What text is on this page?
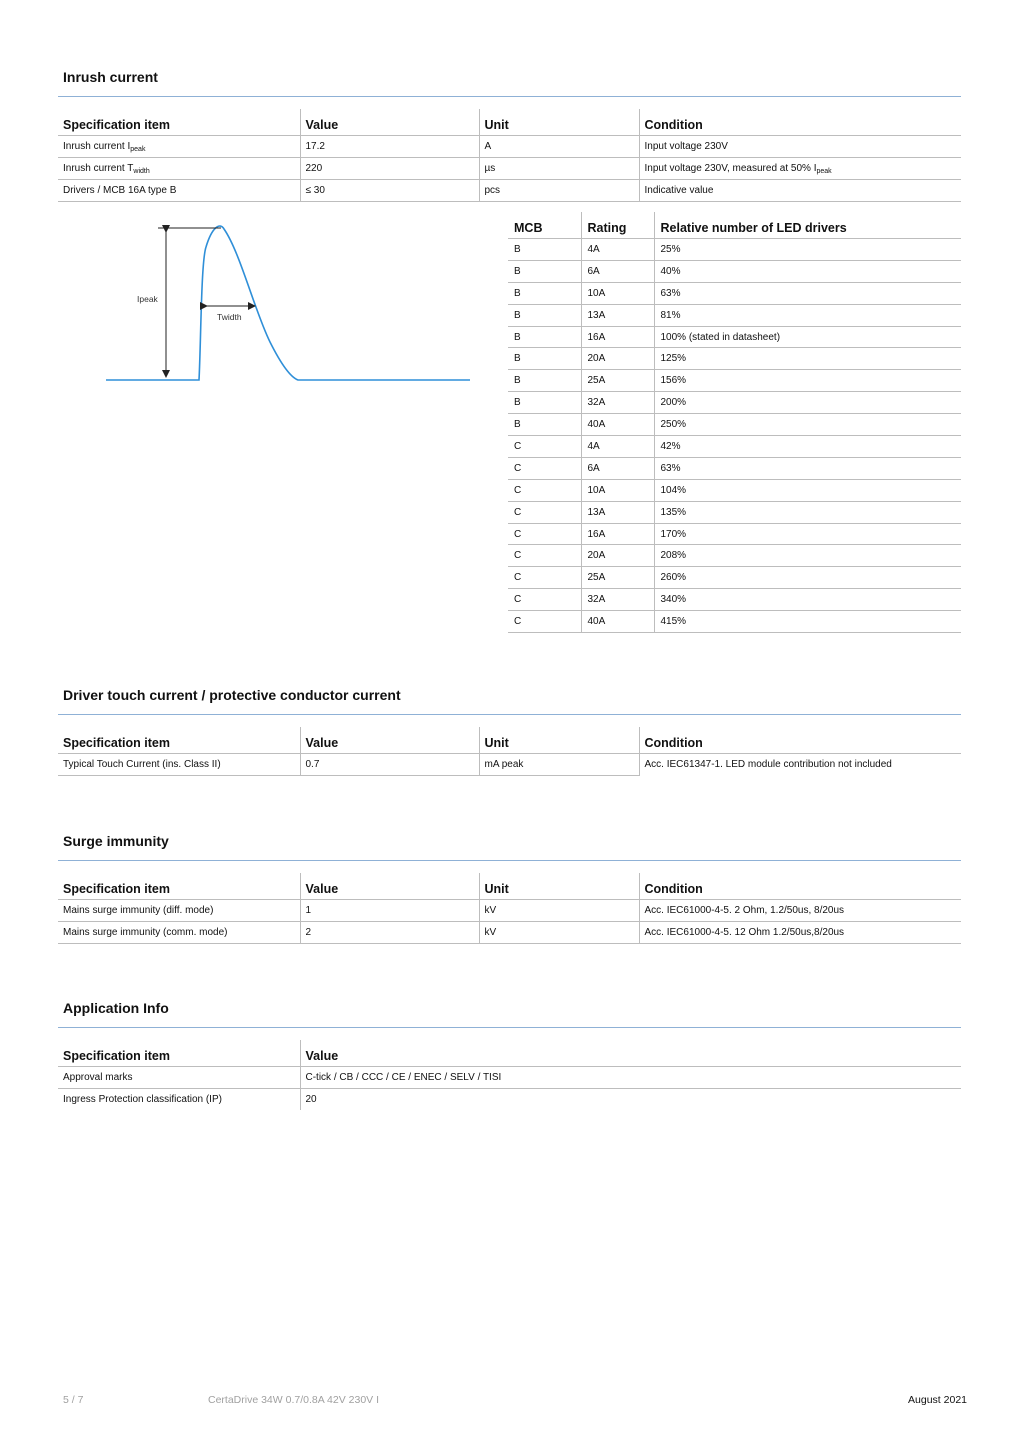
Inrush current
Specification item	Value	Unit	Condition
Inrush current $I_{peak}$	17.2	A	Input voltage 230V
Inrush current $T_{width}$	220	µs	Input voltage 230V, measured at 50% $I_{peak}$
Drivers / MCB 16A type B	≤ 30	pcs	Indicative value
Ipeak
Twidth
MCB	Rating	Relative number of LED drivers
B	4A	25%
B	6A	40%
B	10A	63%
B	13A	81%
B	16A	100% (stated in datasheet)
B	20A	125%
B	25A	156%
B	32A	200%
B	40A	250%
C	4A	42%
C	6A	63%
C	10A	104%
C	13A	135%
C	16A	170%
C	20A	208%
C	25A	260%
C	32A	340%
C	40A	415%
Driver touch current / protective conductor current
Specification item	Value	Unit	Condition
Typical Touch Current (ins. Class II)	0.7	mA peak	Acc. IEC61347-1. LED module contribution not included
Surge immunity
Specification item	Value	Unit	Condition
Mains surge immunity (diff. mode)	1	kV	Acc. IEC61000-4-5. 2 Ohm, 1.2/50us, 8/20us
Mains surge immunity (comm. mode)	2	kV	Acc. IEC61000-4-5. 12 Ohm 1.2/50us,8/20us
Application Info
Specification item	Value
Approval marks	C-tick / CB / CCC / CE / ENEC / SELV / TISI
Ingress Protection classification (IP)	20
5 / 7	CertaDrive 34W 0.7/0.8A 42V 230V I	August 2021
